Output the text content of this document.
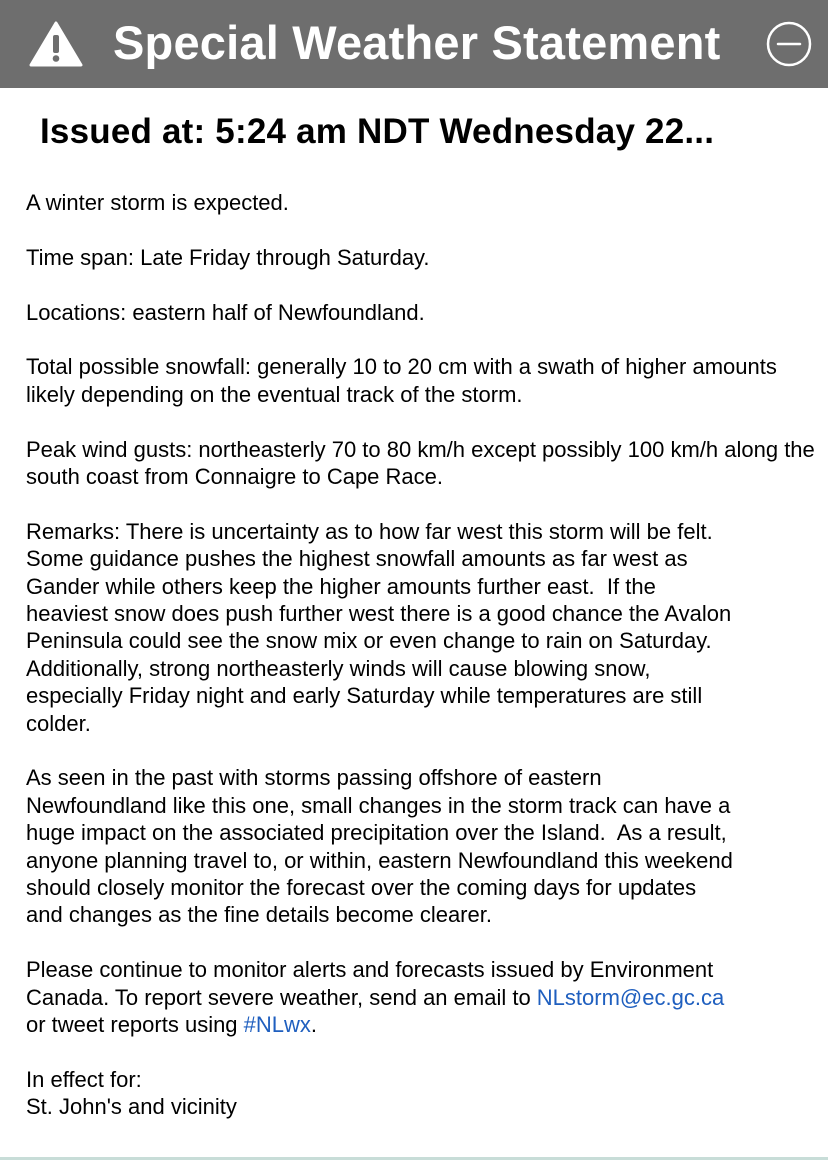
Special Weather Statement
Issued at: 5:24 am NDT Wednesday 22...

A winter storm is expected.

Time span: Late Friday through Saturday.

Locations: eastern half of Newfoundland.

Total possible snowfall: generally 10 to 20 cm with a swath of higher amounts likely depending on the eventual track of the storm.

Peak wind gusts: northeasterly 70 to 80 km/h except possibly 100 km/h along the south coast from Connaigre to Cape Race.

Remarks: There is uncertainty as to how far west this storm will be felt.
Some guidance pushes the highest snowfall amounts as far west as
Gander while others keep the higher amounts further east.  If the
heaviest snow does push further west there is a good chance the Avalon
Peninsula could see the snow mix or even change to rain on Saturday.
Additionally, strong northeasterly winds will cause blowing snow,
especially Friday night and early Saturday while temperatures are still
colder.

As seen in the past with storms passing offshore of eastern
Newfoundland like this one, small changes in the storm track can have a
huge impact on the associated precipitation over the Island.  As a result,
anyone planning travel to, or within, eastern Newfoundland this weekend
should closely monitor the forecast over the coming days for updates
and changes as the fine details become clearer.

Please continue to monitor alerts and forecasts issued by Environment
Canada. To report severe weather, send an email to NLstorm@ec.gc.ca
or tweet reports using #NLwx.

In effect for:
St. John's and vicinity
